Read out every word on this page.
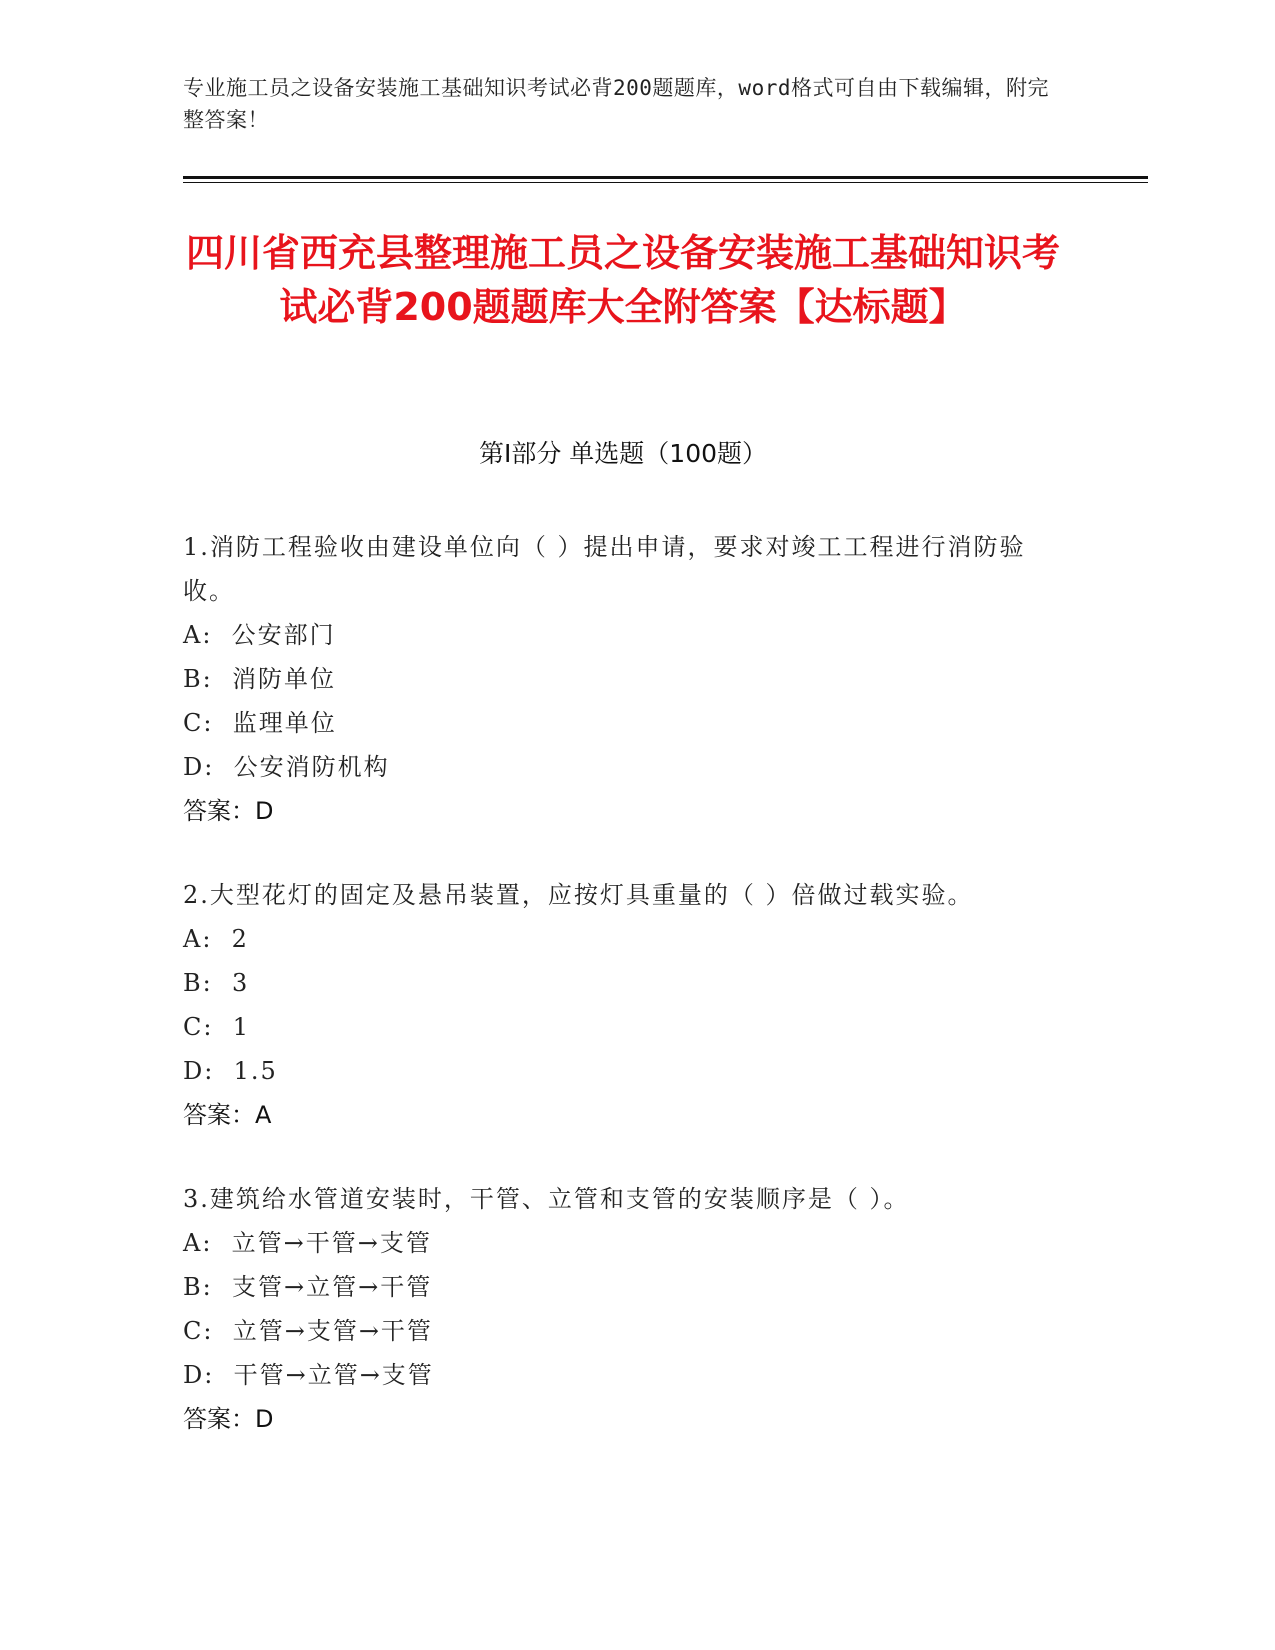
专业施工员之设备安装施工基础知识考试必背200题题库，word格式可自由下载编辑，附完整答案！
四川省西充县整理施工员之设备安装施工基础知识考试必背200题题库大全附答案【达标题】
第I部分 单选题（100题）
1.消防工程验收由建设单位向（ ）提出申请，要求对竣工工程进行消防验收。
A:  公安部门
B:  消防单位
C:  监理单位
D:  公安消防机构
答案：D
2.大型花灯的固定及悬吊装置，应按灯具重量的（ ）倍做过载实验。
A:  2
B:  3
C:  1
D:  1.5
答案：A
3.建筑给水管道安装时，干管、立管和支管的安装顺序是（ ）。
A:  立管→干管→支管
B:  支管→立管→干管
C:  立管→支管→干管
D:  干管→立管→支管
答案：D
